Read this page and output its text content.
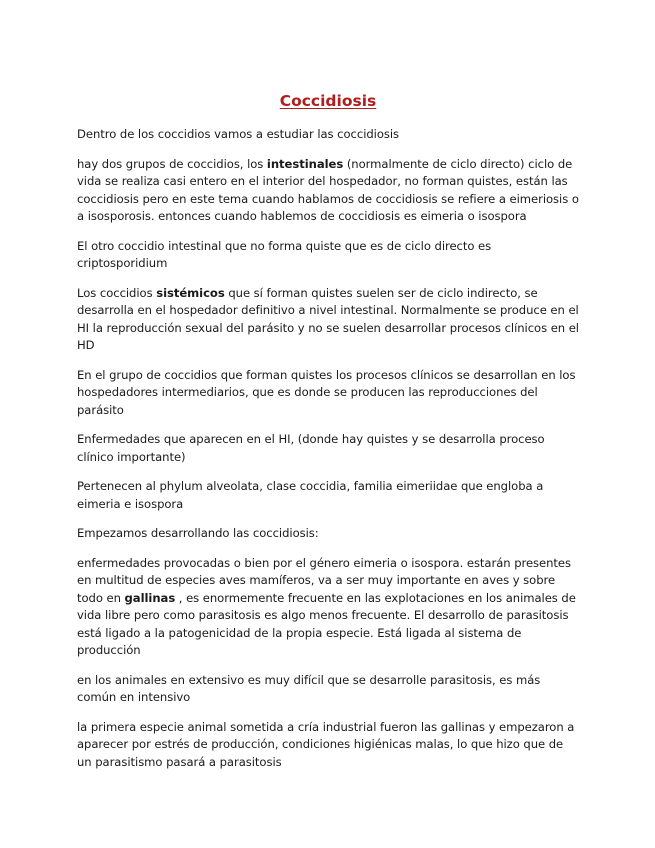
Coccidiosis

Dentro de los coccidios vamos a estudiar las coccidiosis

hay dos grupos de coccidios, los intestinales (normalmente de ciclo directo) ciclo de vida se realiza casi entero en el interior del hospedador, no forman quistes, están las coccidiosis pero en este tema cuando hablamos de coccidiosis se refiere a eimeriosis o a isosporosis. entonces cuando hablemos de coccidiosis es eimeria o isospora

El otro coccidio intestinal que no forma quiste que es de ciclo directo es criptosporidium

Los coccidios sistémicos que sí forman quistes suelen ser de ciclo indirecto, se desarrolla en el hospedador definitivo a nivel intestinal. Normalmente se produce en el HI la reproducción sexual del parásito y no se suelen desarrollar procesos clínicos en el HD

En el grupo de coccidios que forman quistes los procesos clínicos se desarrollan en los hospedadores intermediarios, que es donde se producen las reproducciones del parásito

Enfermedades que aparecen en el HI, (donde hay quistes y se desarrolla proceso clínico importante)

Pertenecen al phylum alveolata, clase coccidia, familia eimeriidae que engloba a eimeria e isospora

Empezamos desarrollando las coccidiosis:

enfermedades provocadas o bien por el género eimeria o isospora. estarán presentes en multitud de especies aves mamíferos, va a ser muy importante en aves y sobre todo en gallinas , es enormemente frecuente en las explotaciones en los animales de vida libre pero como parasitosis es algo menos frecuente. El desarrollo de parasitosis está ligado a la patogenicidad de la propia especie. Está ligada al sistema de producción

en los animales en extensivo es muy difícil que se desarrolle parasitosis, es más común en intensivo

la primera especie animal sometida a cría industrial fueron las gallinas y empezaron a aparecer por estrés de producción, condiciones higiénicas malas, lo que hizo que de un parasitismo pasará a parasitosis
